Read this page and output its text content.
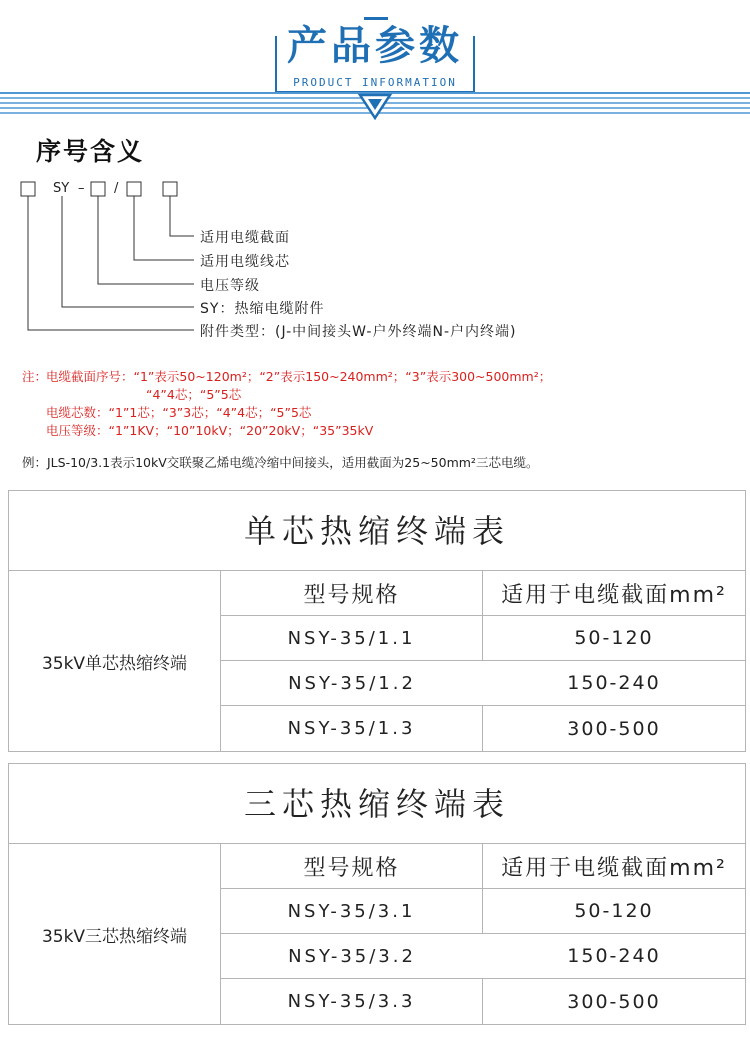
产品参数
PRODUCT INFORMATION
序号含义
SY – /
适用电缆截面
适用电缆线芯
电压等级
SY：热缩电缆附件
附件类型：(J-中间接头W-户外终端N-户内终端)
注：电缆截面序号：“1”表示50~120m²；“2”表示150~240mm²；“3”表示300~500mm²；
“4”4芯；“5”5芯
电缆芯数：“1”1芯；“3”3芯；“4”4芯；“5”5芯
电压等级：“1”1KV；“10”10kV；“20”20kV；“35”35kV
例：JLS-10/3.1表示10kV交联聚乙烯电缆冷缩中间接头，适用截面为25~50mm²三芯电缆。
单芯热缩终端表
35kV单芯热缩终端
型号规格	适用于电缆截面mm²
NSY-35/1.1	50-120
NSY-35/1.2	150-240
NSY-35/1.3	300-500
三芯热缩终端表
35kV三芯热缩终端
型号规格	适用于电缆截面mm²
NSY-35/3.1	50-120
NSY-35/3.2	150-240
NSY-35/3.3	300-500
